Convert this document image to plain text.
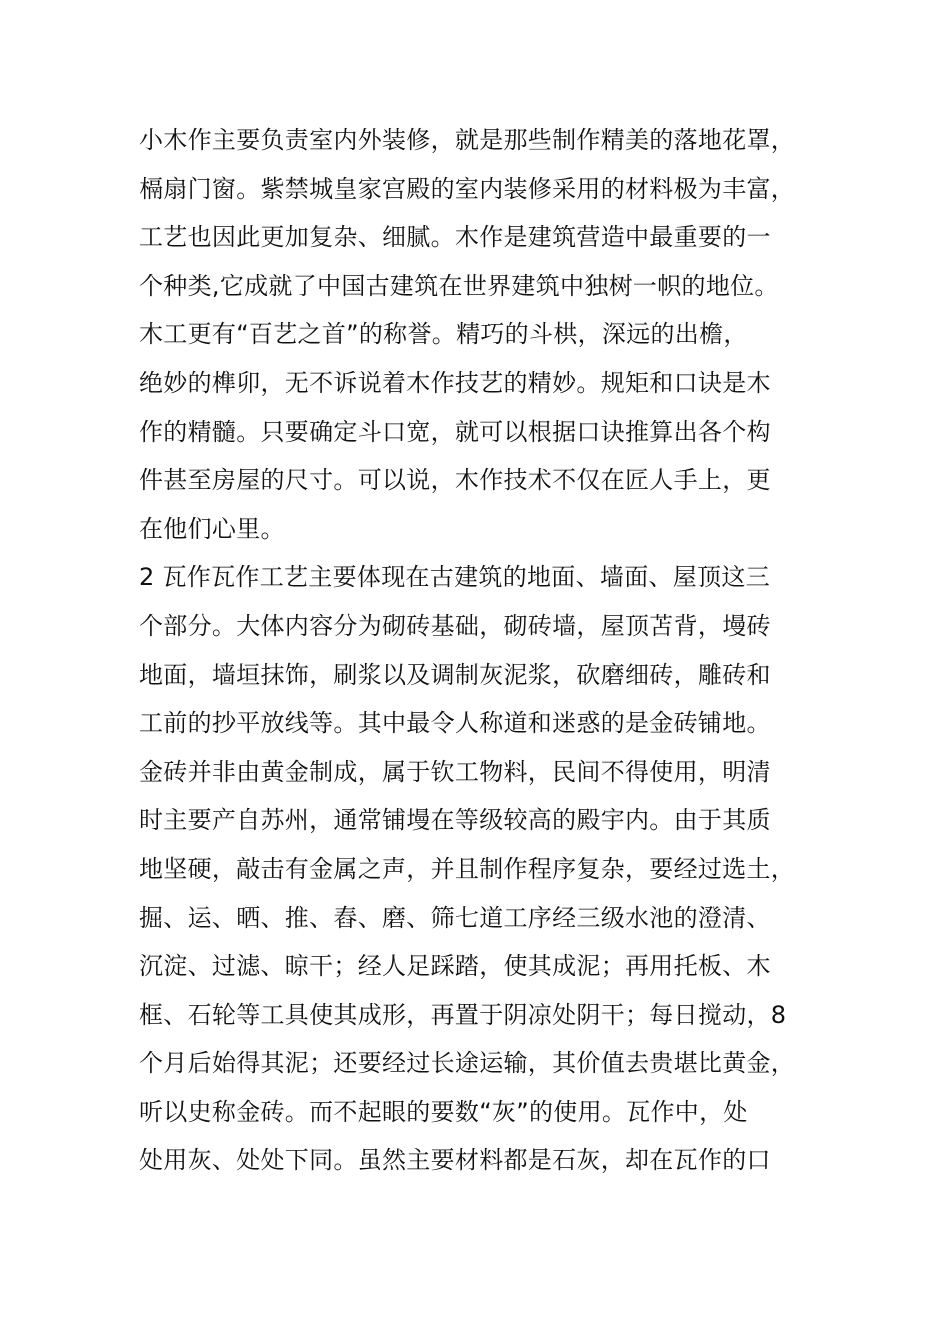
小木作主要负责室内外装修，就是那些制作精美的落地花罩，
槅扇门窗。紫禁城皇家宫殿的室内装修采用的材料极为丰富，
工艺也因此更加复杂、细腻。木作是建筑营造中最重要的一
个种类,它成就了中国古建筑在世界建筑中独树一帜的地位。
木工更有“百艺之首”的称誉。精巧的斗栱，深远的出檐，
绝妙的榫卯，无不诉说着木作技艺的精妙。规矩和口诀是木
作的精髓。只要确定斗口宽，就可以根据口诀推算出各个构
件甚至房屋的尺寸。可以说，木作技术不仅在匠人手上，更
在他们心里。
2 瓦作瓦作工艺主要体现在古建筑的地面、墙面、屋顶这三
个部分。大体内容分为砌砖基础，砌砖墙，屋顶苫背，墁砖
地面，墙垣抹饰，刷浆以及调制灰泥浆，砍磨细砖，雕砖和
工前的抄平放线等。其中最令人称道和迷惑的是金砖铺地。
金砖并非由黄金制成，属于钦工物料，民间不得使用，明清
时主要产自苏州，通常铺墁在等级较高的殿宇内。由于其质
地坚硬，敲击有金属之声，并且制作程序复杂，要经过选土，
掘、运、晒、推、舂、磨、筛七道工序经三级水池的澄清、
沉淀、过滤、晾干；经人足踩踏，使其成泥；再用托板、木
框、石轮等工具使其成形，再置于阴凉处阴干；每日搅动，8
个月后始得其泥；还要经过长途运输，其价值去贵堪比黄金，
听以史称金砖。而不起眼的要数“灰”的使用。瓦作中，处
处用灰、处处下同。虽然主要材料都是石灰，却在瓦作的口
